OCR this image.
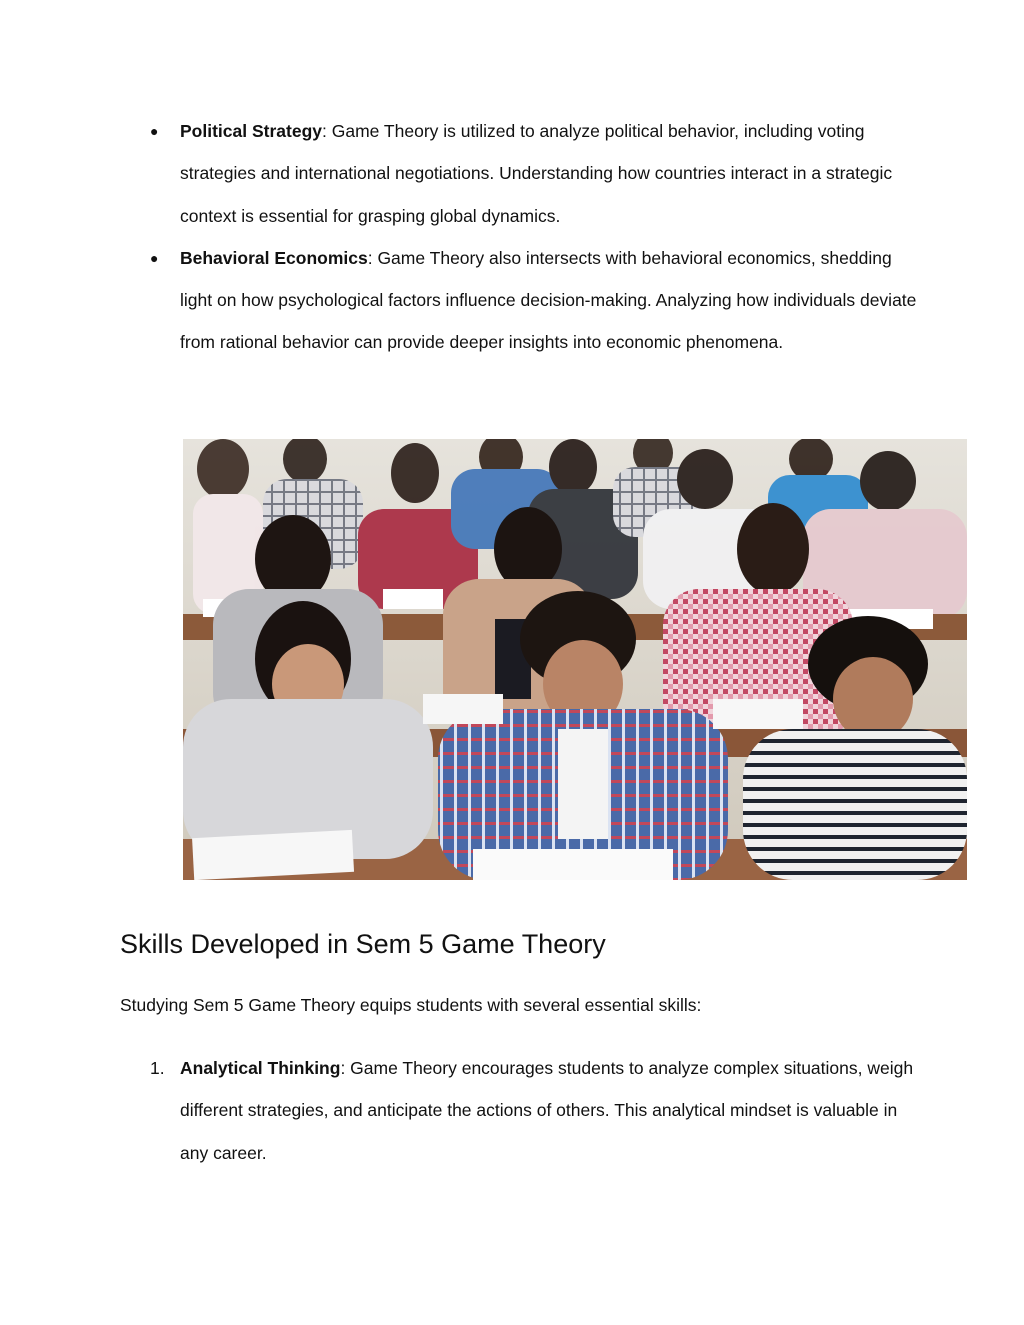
● Political Strategy: Game Theory is utilized to analyze political behavior, including voting strategies and international negotiations. Understanding how countries interact in a strategic context is essential for grasping global dynamics.
● Behavioral Economics: Game Theory also intersects with behavioral economics, shedding light on how psychological factors influence decision-making. Analyzing how individuals deviate from rational behavior can provide deeper insights into economic phenomena.
Skills Developed in Sem 5 Game Theory

Studying Sem 5 Game Theory equips students with several essential skills:

1. Analytical Thinking: Game Theory encourages students to analyze complex situations, weigh different strategies, and anticipate the actions of others. This analytical mindset is valuable in any career.
